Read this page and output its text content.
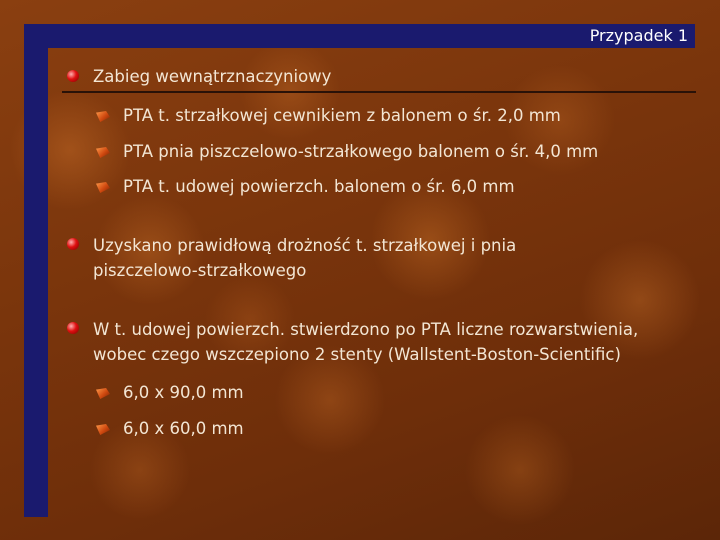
Przypadek 1
Zabieg wewnątrznaczyniowy
PTA t. strzałkowej cewnikiem z balonem o śr. 2,0 mm
PTA pnia piszczelowo-strzałkowego balonem o śr. 4,0 mm
PTA t. udowej powierzch. balonem o śr. 6,0 mm
Uzyskano prawidłową drożność t. strzałkowej i pnia
piszczelowo-strzałkowego
W t. udowej powierzch. stwierdzono po PTA liczne rozwarstwienia,
wobec czego wszczepiono 2 stenty (Wallstent-Boston-Scientific)
6,0 x 90,0 mm
6,0 x 60,0 mm
